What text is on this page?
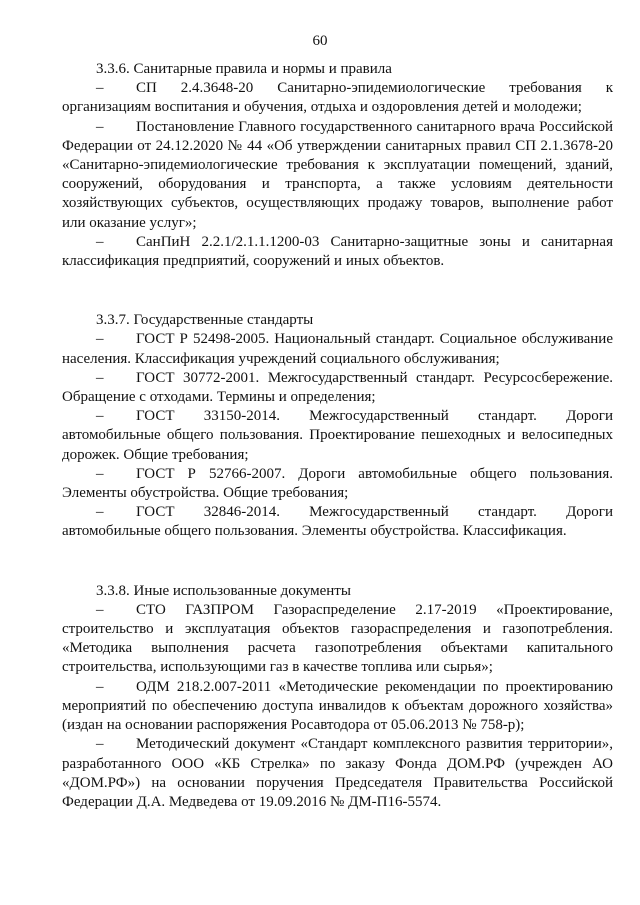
60

3.3.6. Санитарные правила и нормы и правила

– СП 2.4.3648-20 Санитарно-эпидемиологические требования к организациям воспитания и обучения, отдыха и оздоровления детей и молодежи;

– Постановление Главного государственного санитарного врача Российской Федерации от 24.12.2020 № 44 «Об утверждении санитарных правил СП 2.1.3678-20 «Санитарно-эпидемиологические требования к эксплуатации помещений, зданий, сооружений, оборудования и транспорта, а также условиям деятельности хозяйствующих субъектов, осуществляющих продажу товаров, выполнение работ или оказание услуг»;

– СанПиН 2.2.1/2.1.1.1200-03 Санитарно-защитные зоны и санитарная классификация предприятий, сооружений и иных объектов.

3.3.7. Государственные стандарты

– ГОСТ Р 52498-2005. Национальный стандарт. Социальное обслуживание населения. Классификация учреждений социального обслуживания;

– ГОСТ 30772-2001. Межгосударственный стандарт. Ресурсосбережение. Обращение с отходами. Термины и определения;

– ГОСТ 33150-2014. Межгосударственный стандарт. Дороги автомобильные общего пользования. Проектирование пешеходных и велосипедных дорожек. Общие требования;

– ГОСТ Р 52766-2007. Дороги автомобильные общего пользования. Элементы обустройства. Общие требования;

– ГОСТ 32846-2014. Межгосударственный стандарт. Дороги автомобильные общего пользования. Элементы обустройства. Классификация.

3.3.8. Иные использованные документы

– СТО ГАЗПРОМ Газораспределение 2.17-2019 «Проектирование, строительство и эксплуатация объектов газораспределения и газопотребления. «Методика выполнения расчета газопотребления объектами капитального строительства, использующими газ в качестве топлива или сырья»;

– ОДМ 218.2.007-2011 «Методические рекомендации по проектированию мероприятий по обеспечению доступа инвалидов к объектам дорожного хозяйства» (издан на основании распоряжения Росавтодора от 05.06.2013 № 758-р);

– Методический документ «Стандарт комплексного развития территории», разработанного ООО «КБ Стрелка» по заказу Фонда ДОМ.РФ (учрежден АО «ДОМ.РФ») на основании поручения Председателя Правительства Российской Федерации Д.А. Медведева от 19.09.2016 № ДМ-П16-5574.
